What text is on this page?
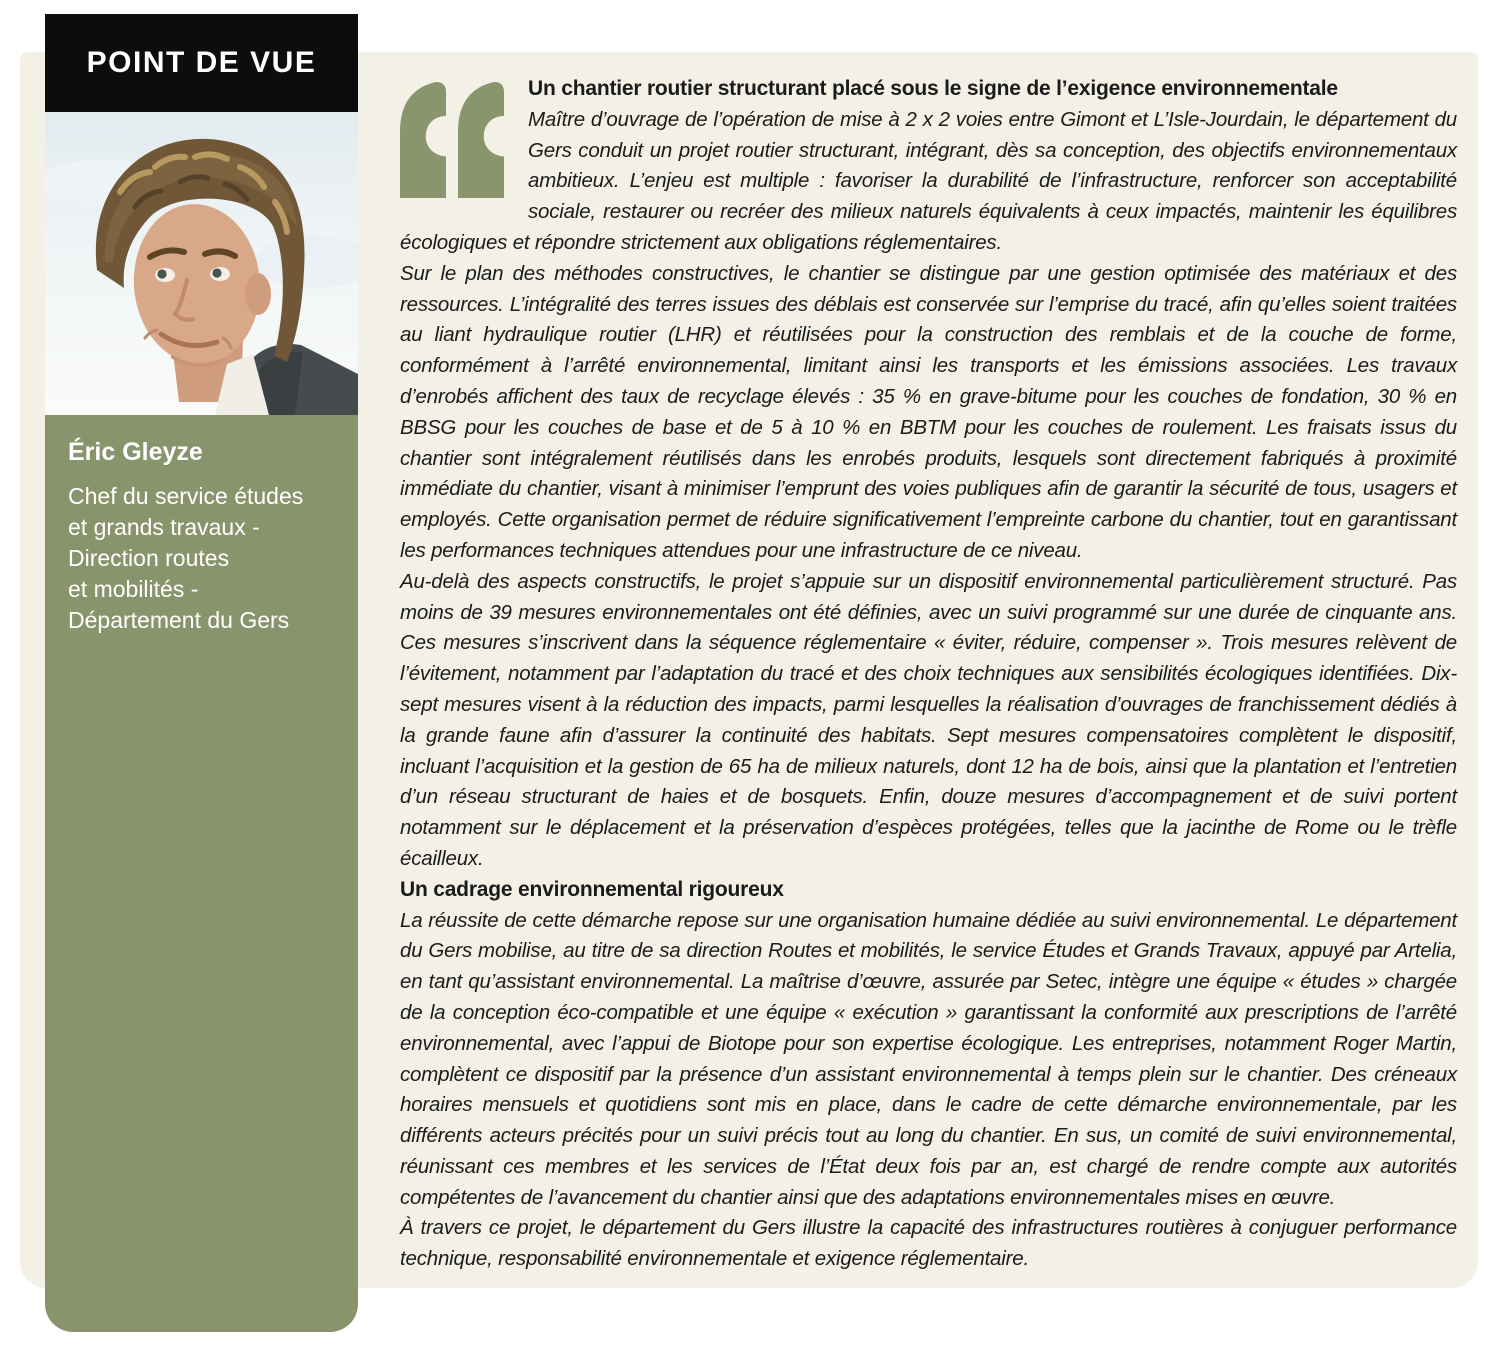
POINT DE VUE
Éric Gleyze
Chef du service études
et grands travaux -
Direction routes
et mobilités -
Département du Gers
Un chantier routier structurant placé sous le signe de l’exigence environnementale

Maître d’ouvrage de l’opération de mise à 2 x 2 voies entre Gimont et L’Isle-Jourdain, le département du Gers conduit un projet routier structurant, intégrant, dès sa conception, des objectifs environnementaux ambitieux. L’enjeu est multiple : favoriser la durabilité de l’infrastructure, renforcer son acceptabilité sociale, restaurer ou recréer des milieux naturels équivalents à ceux impactés, maintenir les équilibres écologiques et répondre strictement aux obligations réglementaires.

Sur le plan des méthodes constructives, le chantier se distingue par une gestion optimisée des matériaux et des ressources. L’intégralité des terres issues des déblais est conservée sur l’emprise du tracé, afin qu’elles soient traitées au liant hydraulique routier (LHR) et réutilisées pour la construction des remblais et de la couche de forme, conformément à l’arrêté environnemental, limitant ainsi les transports et les émissions associées. Les travaux d’enrobés affichent des taux de recyclage élevés : 35 % en grave-bitume pour les couches de fondation, 30 % en BBSG pour les couches de base et de 5 à 10 % en BBTM pour les couches de roulement. Les fraisats issus du chantier sont intégralement réutilisés dans les enrobés produits, lesquels sont directement fabriqués à proximité immédiate du chantier, visant à minimiser l’emprunt des voies publiques afin de garantir la sécurité de tous, usagers et employés. Cette organisation permet de réduire significativement l’empreinte carbone du chantier, tout en garantissant les performances techniques attendues pour une infrastructure de ce niveau.

Au-delà des aspects constructifs, le projet s’appuie sur un dispositif environnemental particulièrement structuré. Pas moins de 39 mesures environnementales ont été définies, avec un suivi programmé sur une durée de cinquante ans. Ces mesures s’inscrivent dans la séquence réglementaire « éviter, réduire, compenser ». Trois mesures relèvent de l’évitement, notamment par l’adaptation du tracé et des choix techniques aux sensibilités écologiques identifiées. Dix-sept mesures visent à la réduction des impacts, parmi lesquelles la réalisation d’ouvrages de franchissement dédiés à la grande faune afin d’assurer la continuité des habitats. Sept mesures compensatoires complètent le dispositif, incluant l’acquisition et la gestion de 65 ha de milieux naturels, dont 12 ha de bois, ainsi que la plantation et l’entretien d’un réseau structurant de haies et de bosquets. Enfin, douze mesures d’accompagnement et de suivi portent notamment sur le déplacement et la préservation d’espèces protégées, telles que la jacinthe de Rome ou le trèfle écailleux.

Un cadrage environnemental rigoureux

La réussite de cette démarche repose sur une organisation humaine dédiée au suivi environnemental. Le département du Gers mobilise, au titre de sa direction Routes et mobilités, le service Études et Grands Travaux, appuyé par Artelia, en tant qu’assistant environnemental. La maîtrise d’œuvre, assurée par Setec, intègre une équipe « études » chargée de la conception éco-compatible et une équipe « exécution » garantissant la conformité aux prescriptions de l’arrêté environnemental, avec l’appui de Biotope pour son expertise écologique. Les entreprises, notamment Roger Martin, complètent ce dispositif par la présence d’un assistant environnemental à temps plein sur le chantier. Des créneaux horaires mensuels et quotidiens sont mis en place, dans le cadre de cette démarche environnementale, par les différents acteurs précités pour un suivi précis tout au long du chantier. En sus, un comité de suivi environnemental, réunissant ces membres et les services de l’État deux fois par an, est chargé de rendre compte aux autorités compétentes de l’avancement du chantier ainsi que des adaptations environnementales mises en œuvre.

À travers ce projet, le département du Gers illustre la capacité des infrastructures routières à conjuguer performance technique, responsabilité environnementale et exigence réglementaire.
